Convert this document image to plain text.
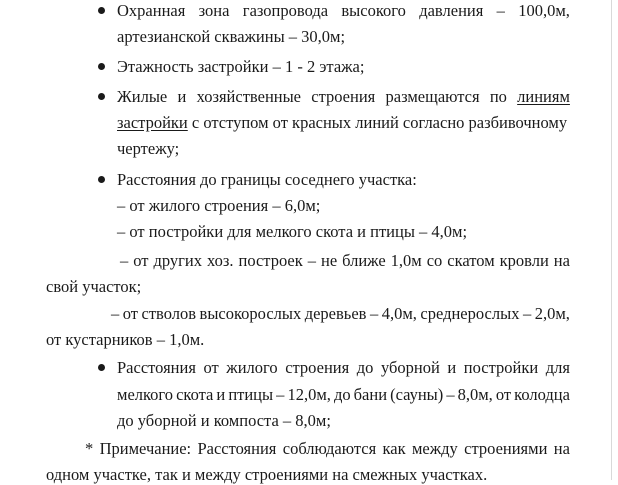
Охранная зона газопровода высокого давления – 100,0м,
артезианской скважины – 30,0м;
Этажность застройки – 1 - 2 этажа;
Жилые и хозяйственные строения размещаются по линиям
застройки с отступом от красных линий согласно разбивочному
чертежу;
Расстояния до границы соседнего участка:
– от жилого строения – 6,0м;
– от постройки для мелкого скота и птицы – 4,0м;
– от других хоз. построек – не ближе 1,0м со скатом кровли на
свой участок;
– от стволов высокорослых деревьев – 4,0м, среднерослых – 2,0м,
от кустарников – 1,0м.
Расстояния от жилого строения до уборной и постройки для
мелкого скота и птицы – 12,0м, до бани (сауны) – 8,0м, от колодца
до уборной и компоста – 8,0м;
* Примечание: Расстояния соблюдаются как между строениями на
одном участке, так и между строениями на смежных участках.
